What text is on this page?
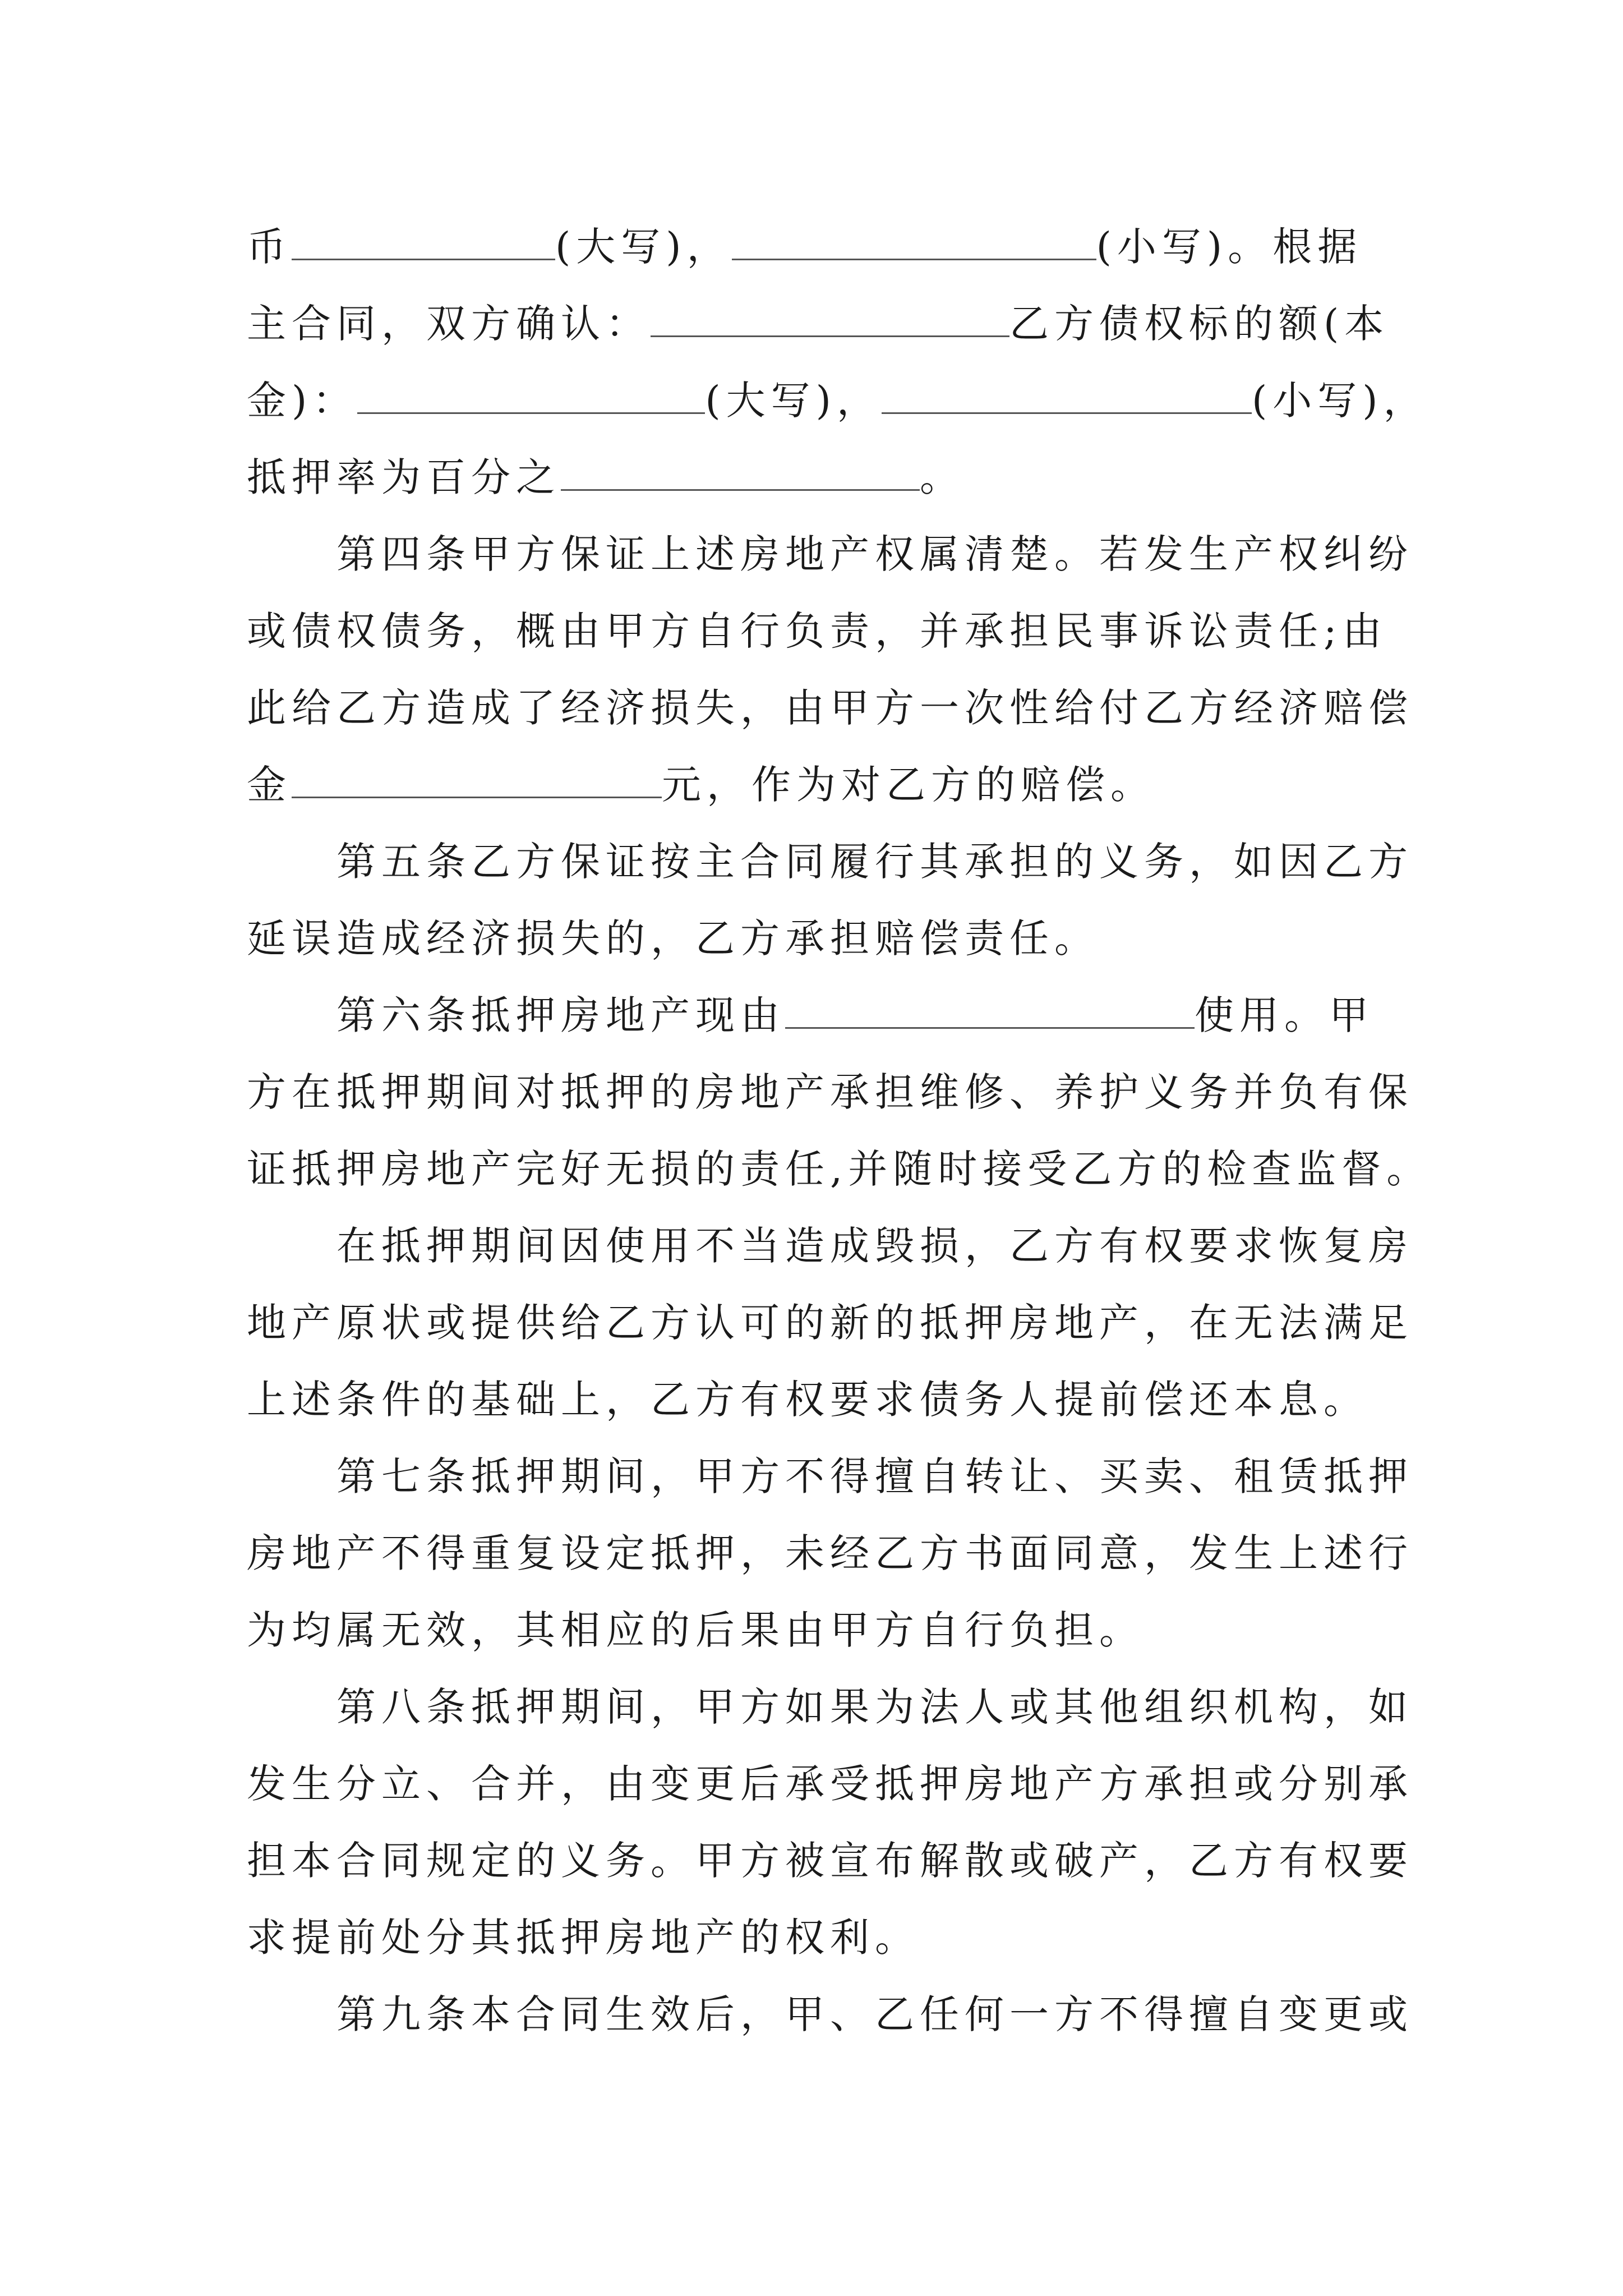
币	(大写)，	(小写)。根据
主合同，双方确认：	乙方债权标的额(本
金)：	(大写)，	(小写)，
抵押率为百分之	。
第四条甲方保证上述房地产权属清楚。若发生产权纠纷
或债权债务，概由甲方自行负责，并承担民事诉讼责任;由
此给乙方造成了经济损失，由甲方一次性给付乙方经济赔偿
金	元，作为对乙方的赔偿。
第五条乙方保证按主合同履行其承担的义务，如因乙方
延误造成经济损失的，乙方承担赔偿责任。
第六条抵押房地产现由	使用。甲
方在抵押期间对抵押的房地产承担维修、养护义务并负有保
证抵押房地产完好无损的责任,并随时接受乙方的检查监督。
在抵押期间因使用不当造成毁损，乙方有权要求恢复房
地产原状或提供给乙方认可的新的抵押房地产，在无法满足
上述条件的基础上，乙方有权要求债务人提前偿还本息。
第七条抵押期间，甲方不得擅自转让、买卖、租赁抵押
房地产不得重复设定抵押，未经乙方书面同意，发生上述行
为均属无效，其相应的后果由甲方自行负担。
第八条抵押期间，甲方如果为法人或其他组织机构，如
发生分立、合并，由变更后承受抵押房地产方承担或分别承
担本合同规定的义务。甲方被宣布解散或破产，乙方有权要
求提前处分其抵押房地产的权利。
第九条本合同生效后，甲、乙任何一方不得擅自变更或
